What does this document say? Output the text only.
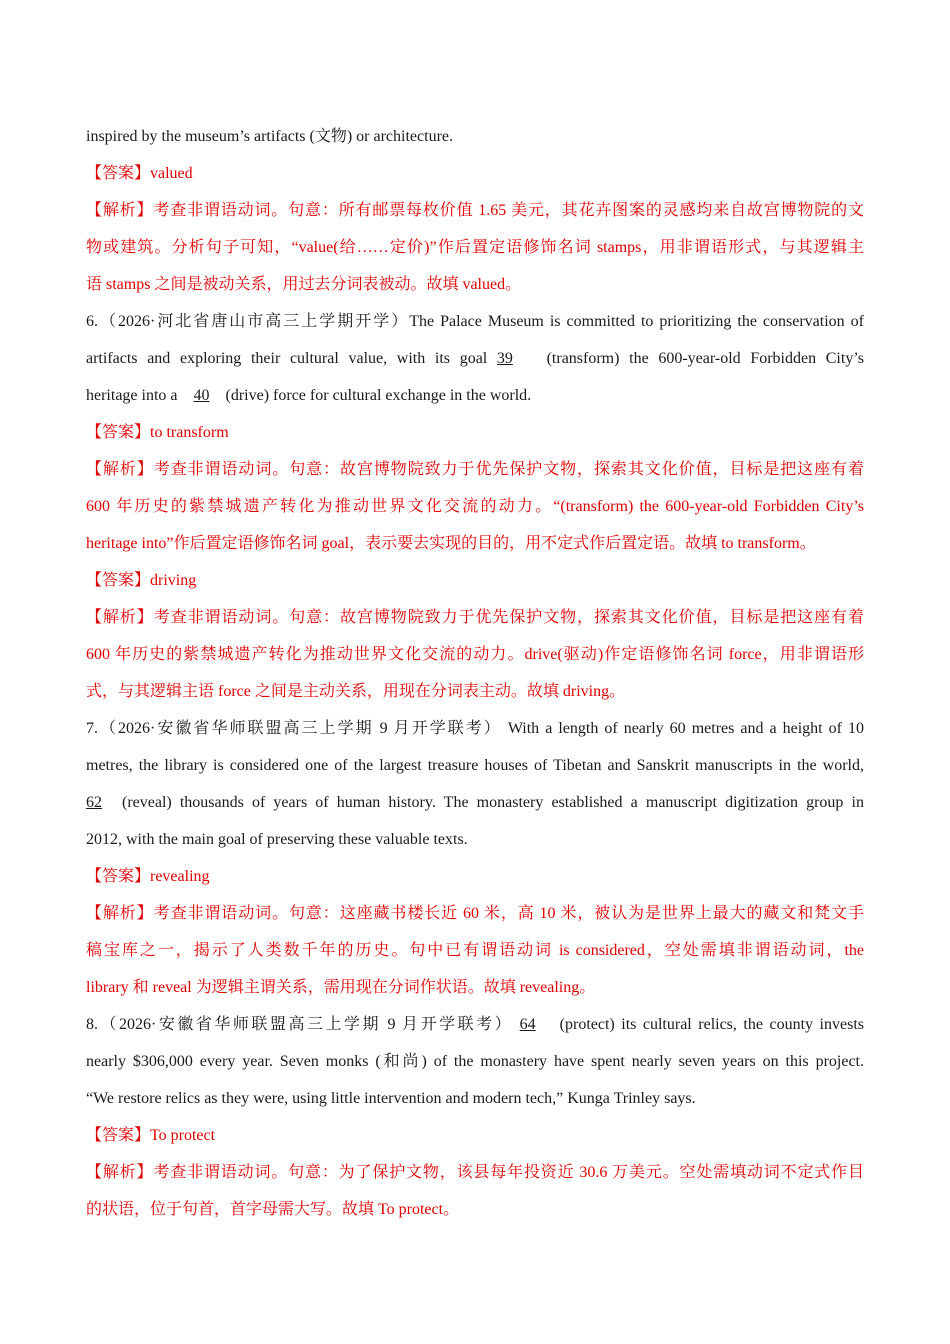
inspired by the museum’s artifacts (文物) or architecture.
【答案】valued
【解析】考查非谓语动词。句意：所有邮票每枚价值 1.65 美元，其花卉图案的灵感均来自故宫博物院的文
物或建筑。分析句子可知，“value(给……定价)”作后置定语修饰名词 stamps，用非谓语形式，与其逻辑主
语 stamps 之间是被动关系，用过去分词表被动。故填 valued。
6.（2026·河北省唐山市高三上学期开学）The Palace Museum is committed to prioritizing the conservation of
artifacts and exploring their cultural value, with its goal 39 (transform) the 600-year-old Forbidden City’s
heritage into a 40 (drive) force for cultural exchange in the world.
【答案】to transform
【解析】考查非谓语动词。句意：故宫博物院致力于优先保护文物，探索其文化价值，目标是把这座有着
600 年历史的紫禁城遗产转化为推动世界文化交流的动力。“(transform) the 600-year-old Forbidden City’s
heritage into”作后置定语修饰名词 goal，表示要去实现的目的，用不定式作后置定语。故填 to transform。
【答案】driving
【解析】考查非谓语动词。句意：故宫博物院致力于优先保护文物，探索其文化价值，目标是把这座有着
600 年历史的紫禁城遗产转化为推动世界文化交流的动力。drive(驱动)作定语修饰名词 force，用非谓语形
式，与其逻辑主语 force 之间是主动关系，用现在分词表主动。故填 driving。
7.（2026·安徽省华师联盟高三上学期 9 月开学联考） With a length of nearly 60 metres and a height of 10
metres, the library is considered one of the largest treasure houses of Tibetan and Sanskrit manuscripts in the world,
62 (reveal) thousands of years of human history. The monastery established a manuscript digitization group in
2012, with the main goal of preserving these valuable texts.
【答案】revealing
【解析】考查非谓语动词。句意：这座藏书楼长近 60 米，高 10 米，被认为是世界上最大的藏文和梵文手
稿宝库之一，揭示了人类数千年的历史。句中已有谓语动词 is considered，空处需填非谓语动词，the
library 和 reveal 为逻辑主谓关系，需用现在分词作状语。故填 revealing。
8.（2026·安徽省华师联盟高三上学期 9 月开学联考） 64 (protect) its cultural relics, the county invests
nearly $306,000 every year. Seven monks (和尚) of the monastery have spent nearly seven years on this project.
“We restore relics as they were, using little intervention and modern tech,” Kunga Trinley says.
【答案】To protect
【解析】考查非谓语动词。句意：为了保护文物，该县每年投资近 30.6 万美元。空处需填动词不定式作目
的状语，位于句首，首字母需大写。故填 To protect。
